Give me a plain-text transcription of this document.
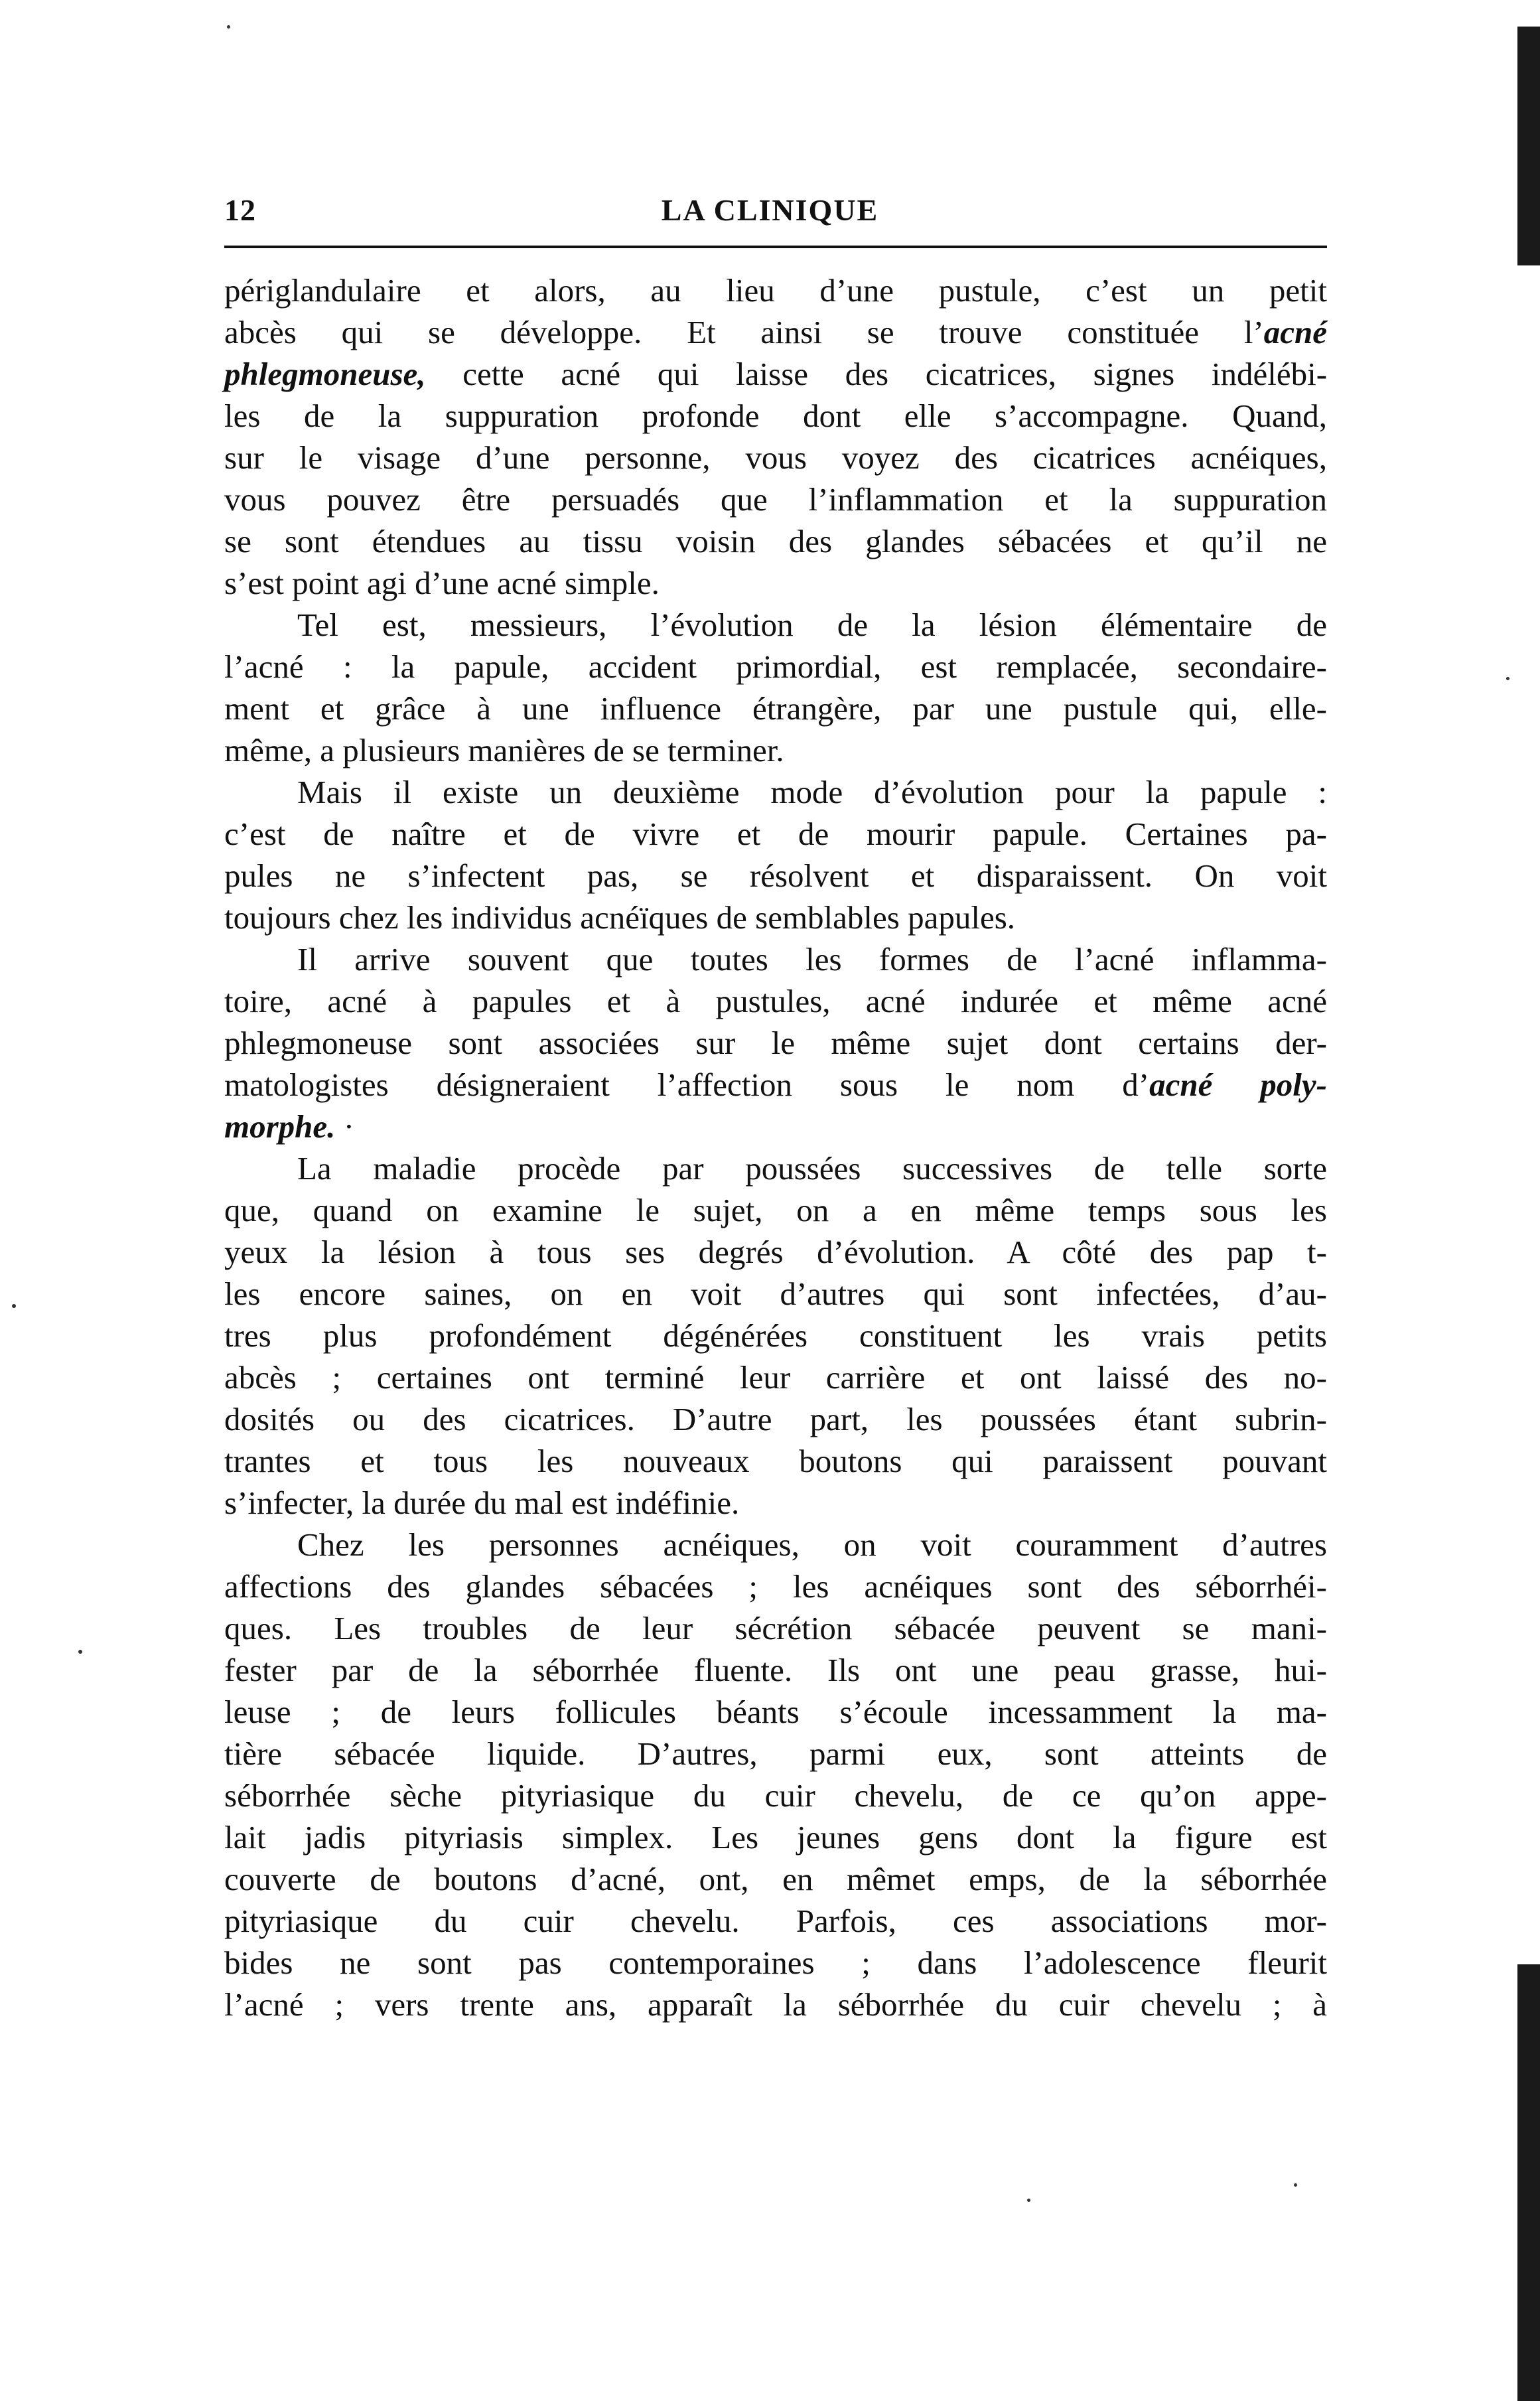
12	LA CLINIQUE
périglandulaire et alors, au lieu d’une pustule, c’est un petit
abcès qui se développe. Et ainsi se trouve constituée l’acné
phlegmoneuse, cette acné qui laisse des cicatrices, signes indélébi-
les de la suppuration profonde dont elle s’accompagne. Quand,
sur le visage d’une personne, vous voyez des cicatrices acnéiques,
vous pouvez être persuadés que l’inflammation et la suppuration
se sont étendues au tissu voisin des glandes sébacées et qu’il ne
s’est point agi d’une acné simple.
Tel est, messieurs, l’évolution de la lésion élémentaire de
l’acné : la papule, accident primordial, est remplacée, secondaire-
ment et grâce à une influence étrangère, par une pustule qui, elle-
même, a plusieurs manières de se terminer.
Mais il existe un deuxième mode d’évolution pour la papule :
c’est de naître et de vivre et de mourir papule. Certaines pa-
pules ne s’infectent pas, se résolvent et disparaissent. On voit
toujours chez les individus acnéïques de semblables papules.
Il arrive souvent que toutes les formes de l’acné inflamma-
toire, acné à papules et à pustules, acné indurée et même acné
phlegmoneuse sont associées sur le même sujet dont certains der-
matologistes désigneraient l’affection sous le nom d’acné poly-
morphe. ·
La maladie procède par poussées successives de telle sorte
que, quand on examine le sujet, on a en même temps sous les
yeux la lésion à tous ses degrés d’évolution. A côté des pap t-
les encore saines, on en voit d’autres qui sont infectées, d’au-
tres plus profondément dégénérées constituent les vrais petits
abcès ; certaines ont terminé leur carrière et ont laissé des no-
dosités ou des cicatrices. D’autre part, les poussées étant subrin-
trantes et tous les nouveaux boutons qui paraissent pouvant
s’infecter, la durée du mal est indéfinie.
Chez les personnes acnéiques, on voit couramment d’autres
affections des glandes sébacées ; les acnéiques sont des séborrhéi-
ques. Les troubles de leur sécrétion sébacée peuvent se mani-
fester par de la séborrhée fluente. Ils ont une peau grasse, hui-
leuse ; de leurs follicules béants s’écoule incessamment la ma-
tière sébacée liquide. D’autres, parmi eux, sont atteints de
séborrhée sèche pityriasique du cuir chevelu, de ce qu’on appe-
lait jadis pityriasis simplex. Les jeunes gens dont la figure est
couverte de boutons d’acné, ont, en mêmet emps, de la séborrhée
pityriasique du cuir chevelu. Parfois, ces associations mor-
bides ne sont pas contemporaines ; dans l’adolescence fleurit
l’acné ; vers trente ans, apparaît la séborrhée du cuir chevelu ; à
